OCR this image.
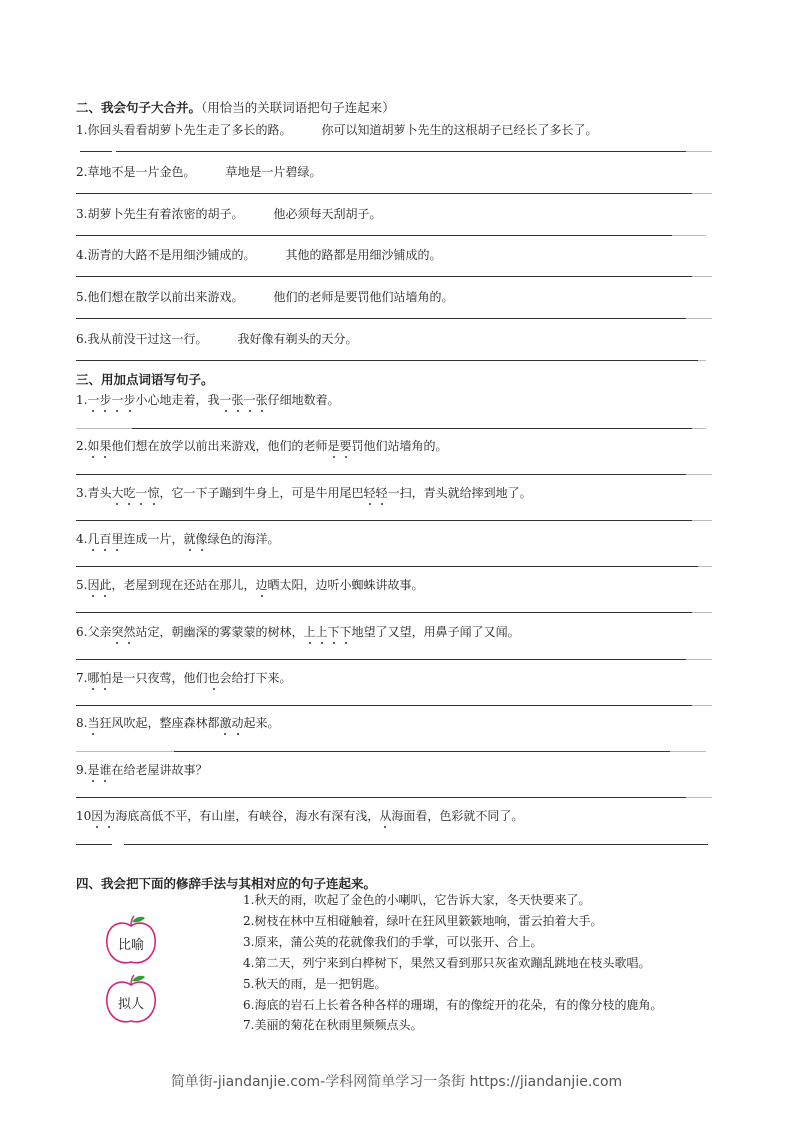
二、我会句子大合并。（用恰当的关联词语把句子连起来）
1.你回头看看胡萝卜先生走了多长的路。	你可以知道胡萝卜先生的这根胡子已经长了多长了。
2.草地不是一片金色。	草地是一片碧绿。
3.胡萝卜先生有着浓密的胡子。	他必须每天刮胡子。
4.沥青的大路不是用细沙铺成的。	其他的路都是用细沙铺成的。
5.他们想在散学以前出来游戏。	他们的老师是要罚他们站墙角的。
6.我从前没干过这一行。	我好像有剃头的天分。
三、用加点词语写句子。
1.一步一步小心地走着，我一张一张仔细地数着。
2.如果他们想在放学以前出来游戏，他们的老师是要罚他们站墙角的。
3.青头大吃一惊，它一下子蹦到牛身上，可是牛用尾巴轻轻一扫，青头就给摔到地了。
4.几百里连成一片，就像绿色的海洋。
5.因此，老屋到现在还站在那儿，边晒太阳，边听小蜘蛛讲故事。
6.父亲突然站定，朝幽深的雾蒙蒙的树林，上上下下地望了又望，用鼻子闻了又闻。
7.哪怕是一只夜莺，他们也会给打下来。
8.当狂风吹起，整座森林都激动起来。
9.是谁在给老屋讲故事？
10因为海底高低不平，有山崖，有峡谷，海水有深有浅，从海面看，色彩就不同了。
四、我会把下面的修辞手法与其相对应的句子连起来。
比喻
拟人
1.秋天的雨，吹起了金色的小喇叭，它告诉大家，冬天快要来了。
2.树枝在林中互相碰触着，绿叶在狂风里簌簌地响，雷云拍着大手。
3.原来，蒲公英的花就像我们的手掌，可以张开、合上。
4.第二天，列宁来到白桦树下，果然又看到那只灰雀欢蹦乱跳地在枝头歌唱。
5.秋天的雨，是一把钥匙。
6.海底的岩石上长着各种各样的珊瑚，有的像绽开的花朵，有的像分枝的鹿角。
7.美丽的菊花在秋雨里频频点头。
简单街-jiandanjie.com-学科网简单学习一条街 https://jiandanjie.com
